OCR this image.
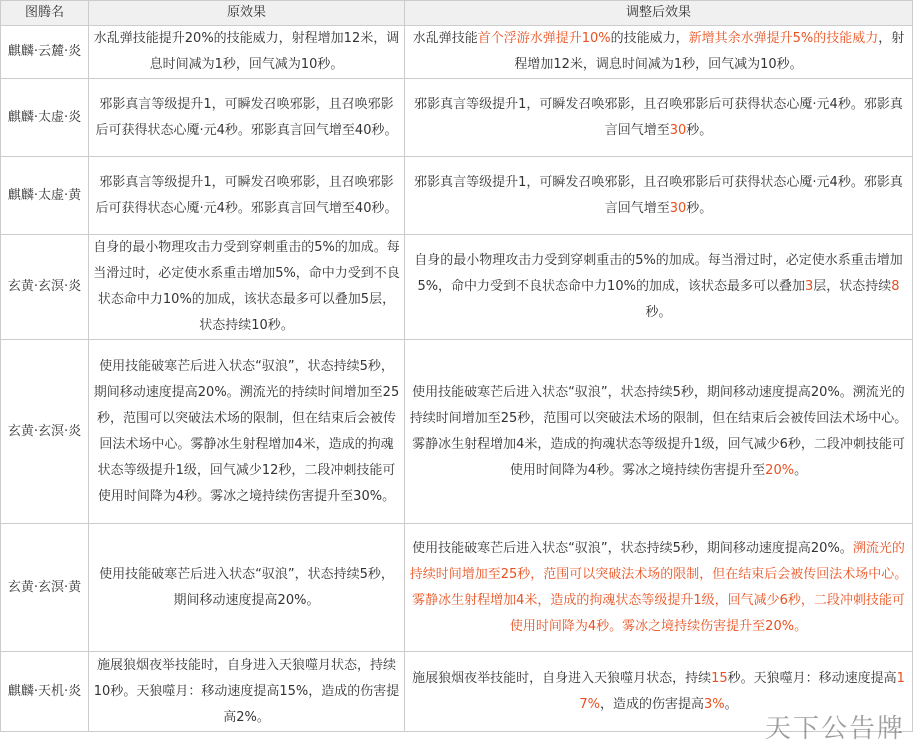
图腾名	原效果	调整后效果
麒麟·云麓·炎	水乱弹技能提升20%的技能威力，射程增加12米，调息时间减为1秒，回气减为10秒。	水乱弹技能首个浮游水弹提升10%的技能威力，新增其余水弹提升5%的技能威力，射程增加12米，调息时间减为1秒，回气减为10秒。
麒麟·太虚·炎	邪影真言等级提升1，可瞬发召唤邪影，且召唤邪影后可获得状态心魇·元4秒。邪影真言回气增至40秒。	邪影真言等级提升1，可瞬发召唤邪影，且召唤邪影后可获得状态心魇·元4秒。邪影真言回气增至30秒。
麒麟·太虚·黄	邪影真言等级提升1，可瞬发召唤邪影，且召唤邪影后可获得状态心魇·元4秒。邪影真言回气增至40秒。	邪影真言等级提升1，可瞬发召唤邪影，且召唤邪影后可获得状态心魇·元4秒。邪影真言回气增至30秒。
玄黄·玄溟·炎	自身的最小物理攻击力受到穿刺重击的5%的加成。每当滑过时，必定使水系重击增加5%，命中力受到不良状态命中力10%的加成，该状态最多可以叠加5层，状态持续10秒。	自身的最小物理攻击力受到穿刺重击的5%的加成。每当滑过时，必定使水系重击增加5%，命中力受到不良状态命中力10%的加成，该状态最多可以叠加3层，状态持续8秒。
玄黄·玄溟·炎	使用技能破寒芒后进入状态“驭浪”，状态持续5秒，期间移动速度提高20%。溯流光的持续时间增加至25秒，范围可以突破法术场的限制，但在结束后会被传回法术场中心。雾静冰生射程增加4米，造成的拘魂状态等级提升1级，回气减少12秒，二段冲刺技能可使用时间降为4秒。雾冰之境持续伤害提升至30%。	使用技能破寒芒后进入状态“驭浪”，状态持续5秒，期间移动速度提高20%。溯流光的持续时间增加至25秒，范围可以突破法术场的限制，但在结束后会被传回法术场中心。雾静冰生射程增加4米，造成的拘魂状态等级提升1级，回气减少6秒，二段冲刺技能可使用时间降为4秒。雾冰之境持续伤害提升至20%。
玄黄·玄溟·黄	使用技能破寒芒后进入状态“驭浪”，状态持续5秒，期间移动速度提高20%。	使用技能破寒芒后进入状态“驭浪”，状态持续5秒，期间移动速度提高20%。溯流光的持续时间增加至25秒，范围可以突破法术场的限制，但在结束后会被传回法术场中心。雾静冰生射程增加4米，造成的拘魂状态等级提升1级，回气减少6秒，二段冲刺技能可使用时间降为4秒。雾冰之境持续伤害提升至20%。
麒麟·天机·炎	施展狼烟夜举技能时，自身进入天狼噬月状态，持续10秒。天狼噬月：移动速度提高15%，造成的伤害提高2%。	施展狼烟夜举技能时，自身进入天狼噬月状态，持续15秒。天狼噬月：移动速度提高17%，造成的伤害提高3%。
天下公告牌
